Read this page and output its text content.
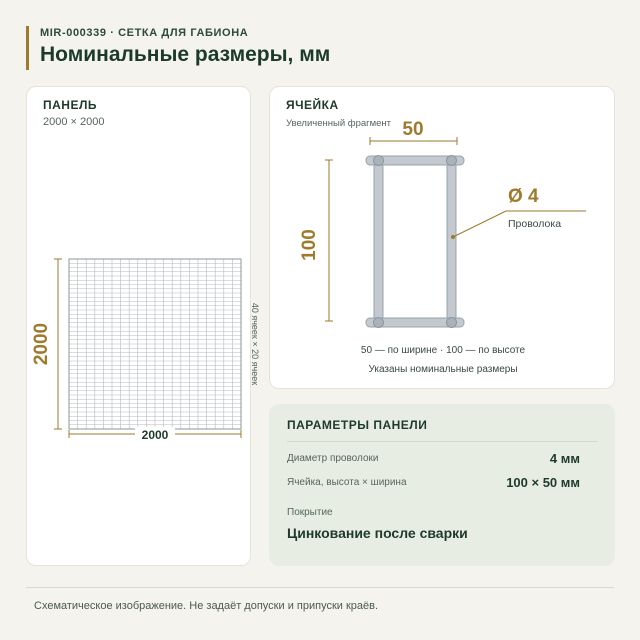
MIR-000339 · СЕТКА ДЛЯ ГАБИОНА
Номинальные размеры, мм
ПАНЕЛЬ
2000 × 2000
2000
2000
40 ячеек × 20 ячеек
ЯЧЕЙКА
Увеличенный фрагмент 50
100
Ø 4
Проволока
50 — по ширине · 100 — по высоте
Указаны номинальные размеры
ПАРАМЕТРЫ ПАНЕЛИ
Диаметр проволоки	4 мм
Ячейка, высота × ширина	100 × 50 мм
Покрытие
Цинкование после сварки
Схематическое изображение. Не задаёт допуски и припуски краёв.
